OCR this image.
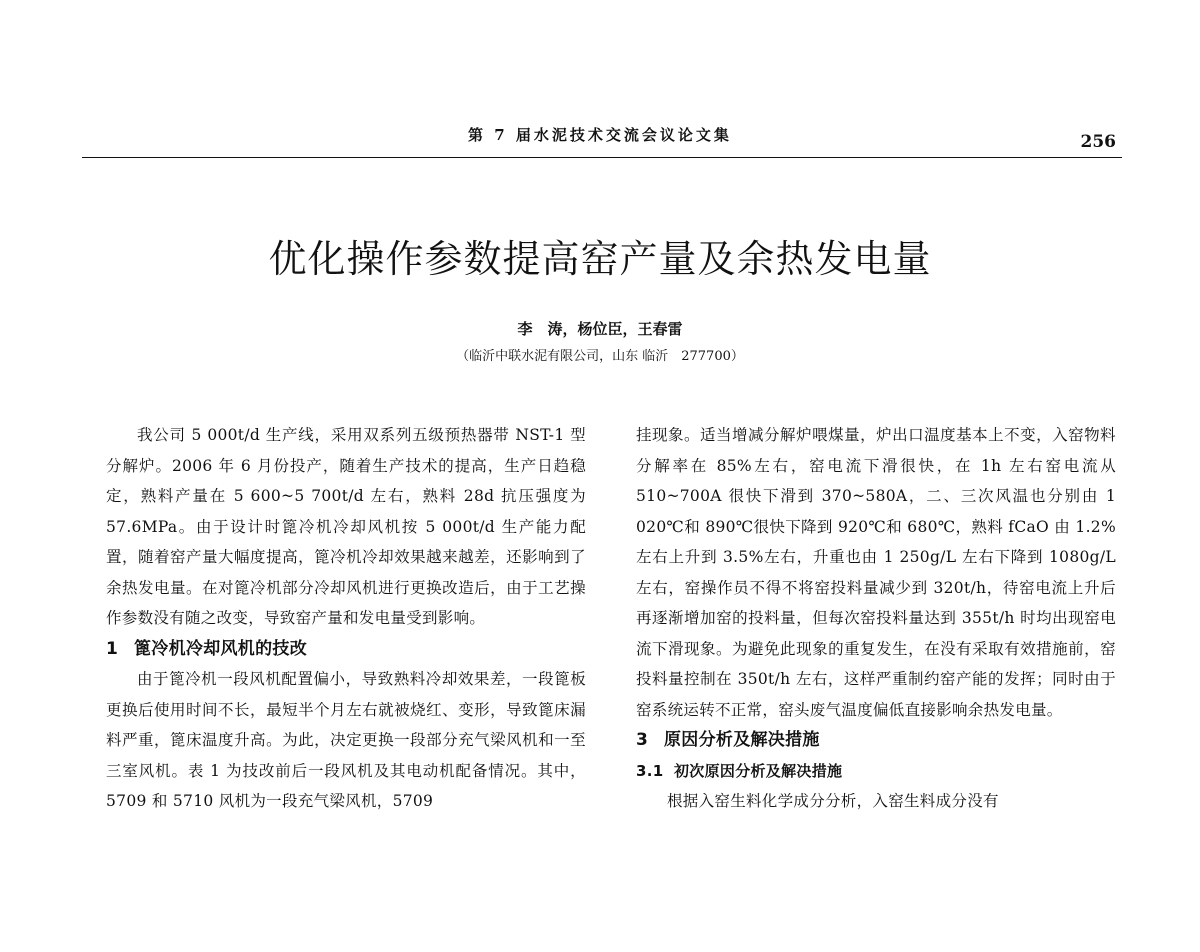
第 7 届水泥技术交流会议论文集	256
优化操作参数提高窑产量及余热发电量
李　涛，杨位臣，王春雷
（临沂中联水泥有限公司，山东 临沂　277700）

我公司 5 000t/d 生产线，采用双系列五级预热器带 NST-1 型分解炉。2006 年 6 月份投产，随着生产技术的提高，生产日趋稳定，熟料产量在 5 600~5 700t/d 左右，熟料 28d 抗压强度为 57.6MPa。由于设计时篦冷机冷却风机按 5 000t/d 生产能力配置，随着窑产量大幅度提高，篦冷机冷却效果越来越差，还影响到了余热发电量。在对篦冷机部分冷却风机进行更换改造后，由于工艺操作参数没有随之改变，导致窑产量和发电量受到影响。

1 篦冷机冷却风机的技改

由于篦冷机一段风机配置偏小，导致熟料冷却效果差，一段篦板更换后使用时间不长，最短半个月左右就被烧红、变形，导致篦床漏料严重，篦床温度升高。为此，决定更换一段部分充气梁风机和一至三室风机。表 1 为技改前后一段风机及其电动机配备情况。其中，5709 和 5710 风机为一段充气梁风机，5709

挂现象。适当增减分解炉喂煤量，炉出口温度基本上不变，入窑物料分解率在 85%左右，窑电流下滑很快，在 1h 左右窑电流从 510~700A 很快下滑到 370~580A，二、三次风温也分别由 1 020℃和 890℃很快下降到 920℃和 680℃，熟料 fCaO 由 1.2%左右上升到 3.5%左右，升重也由 1 250g/L 左右下降到 1080g/L 左右，窑操作员不得不将窑投料量减少到 320t/h，待窑电流上升后再逐渐增加窑的投料量，但每次窑投料量达到 355t/h 时均出现窑电流下滑现象。为避免此现象的重复发生，在没有采取有效措施前，窑投料量控制在 350t/h 左右，这样严重制约窑产能的发挥；同时由于窑系统运转不正常，窑头废气温度偏低直接影响余热发电量。

3 原因分析及解决措施
3.1 初次原因分析及解决措施

根据入窑生料化学成分分析，入窑生料成分没有
